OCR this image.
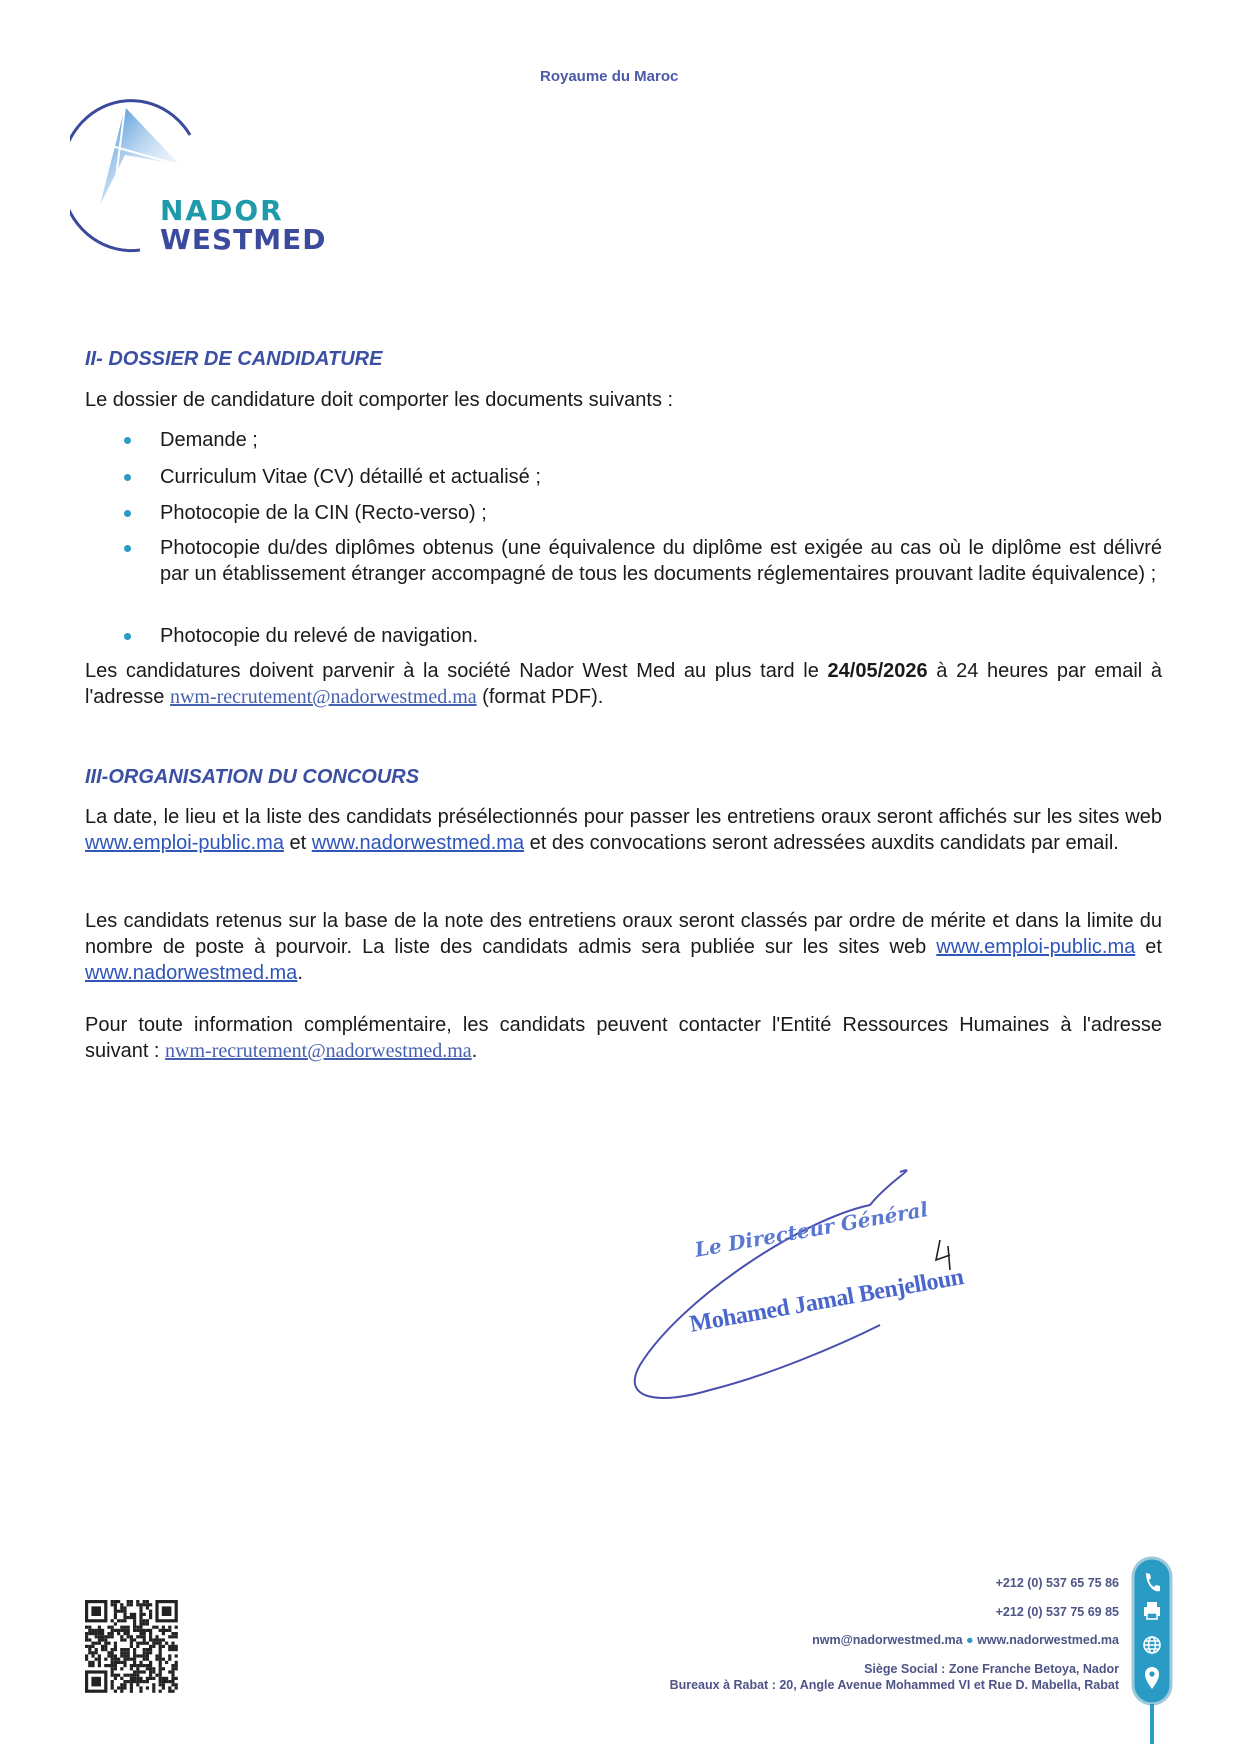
Royaume du Maroc
NADOR
WESTMED
II- DOSSIER DE CANDIDATURE
Le dossier de candidature doit comporter les documents suivants :
Demande ;
Curriculum Vitae (CV) détaillé et actualisé ;
Photocopie de la CIN (Recto-verso) ;
Photocopie du/des diplômes obtenus (une équivalence du diplôme est exigée au cas où le diplôme est délivré par un établissement étranger accompagné de tous les documents réglementaires prouvant ladite équivalence) ;
Photocopie du relevé de navigation.
Les candidatures doivent parvenir à la société Nador West Med au plus tard le 24/05/2026 à 24 heures par email à l'adresse nwm-recrutement@nadorwestmed.ma (format PDF).
III-ORGANISATION DU CONCOURS
La date, le lieu et la liste des candidats présélectionnés pour passer les entretiens oraux seront affichés sur les sites web www.emploi-public.ma et www.nadorwestmed.ma et des convocations seront adressées auxdits candidats par email.
Les candidats retenus sur la base de la note des entretiens oraux seront classés par ordre de mérite et dans la limite du nombre de poste à pourvoir. La liste des candidats admis sera publiée sur les sites web www.emploi-public.ma et www.nadorwestmed.ma.
Pour toute information complémentaire, les candidats peuvent contacter l'Entité Ressources Humaines à l'adresse suivant : nwm-recrutement@nadorwestmed.ma.
Le Directeur Général
Mohamed Jamal Benjelloun
+212 (0) 537 65 75 86
+212 (0) 537 75 69 85
nwm@nadorwestmed.ma ● www.nadorwestmed.ma
Siège Social : Zone Franche Betoya, Nador
Bureaux à Rabat : 20, Angle Avenue Mohammed VI et Rue D. Mabella, Rabat
